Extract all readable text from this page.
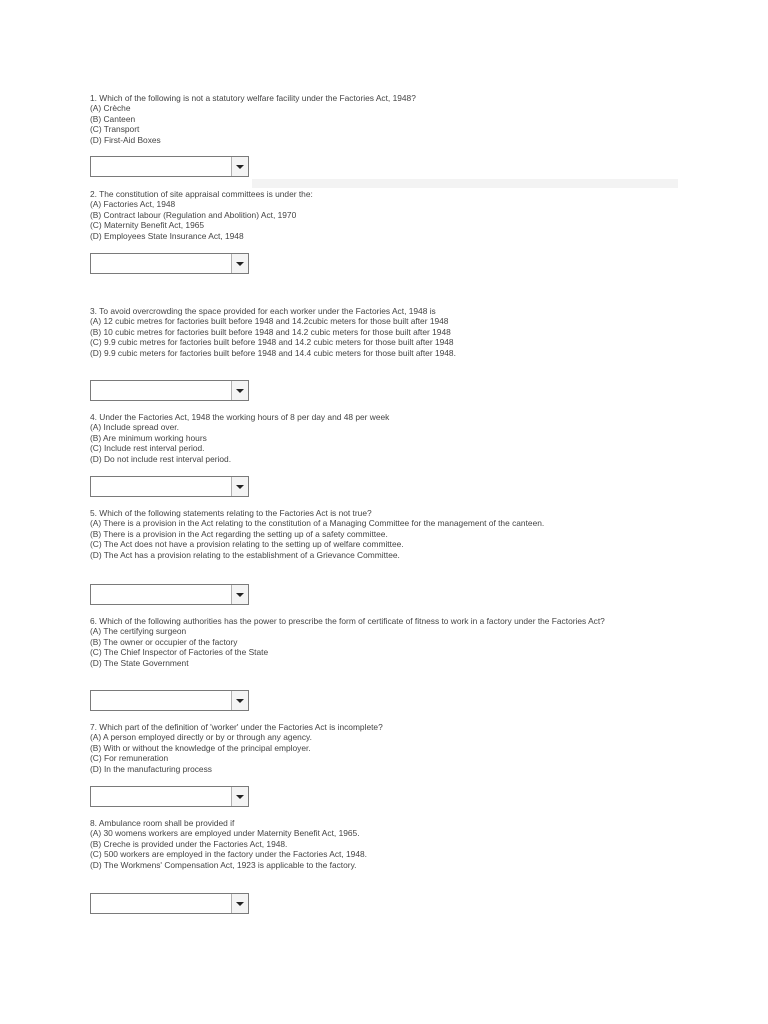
1. Which of the following is not a statutory welfare facility under the Factories Act, 1948?
(A) Crèche
(B) Canteen
(C) Transport
(D) First-Aid Boxes
2. The constitution of site appraisal committees is under the:
(A) Factories Act, 1948
(B) Contract labour (Regulation and Abolition) Act, 1970
(C) Maternity Benefit Act, 1965
(D) Employees State Insurance Act, 1948
3. To avoid overcrowding the space provided for each worker under the Factories Act, 1948 is
(A) 12 cubic metres for factories built before 1948 and 14.2cubic meters for those built after 1948
(B) 10 cubic metres for factories built before 1948 and 14.2 cubic meters for those built after 1948
(C) 9.9 cubic metres for factories built before 1948 and 14.2 cubic meters for those built after 1948
(D) 9.9 cubic meters for factories built before 1948 and 14.4 cubic meters for those built after 1948.
4. Under the Factories Act, 1948 the working hours of 8 per day and 48 per week
(A) Include spread over.
(B) Are minimum working hours
(C) Include rest interval period.
(D) Do not include rest interval period.
5. Which of the following statements relating to the Factories Act is not true?
(A) There is a provision in the Act relating to the constitution of a Managing Committee for the management of the canteen.
(B) There is a provision in the Act regarding the setting up of a safety committee.
(C) The Act does not have a provision relating to the setting up of welfare committee.
(D) The Act has a provision relating to the establishment of a Grievance Committee.
6. Which of the following authorities has the power to prescribe the form of certificate of fitness to work in a factory under the Factories Act?
(A) The certifying surgeon
(B) The owner or occupier of the factory
(C) The Chief Inspector of Factories of the State
(D) The State Government
7. Which part of the definition of 'worker' under the Factories Act is incomplete?
(A) A person employed directly or by or through any agency.
(B) With or without the knowledge of the principal employer.
(C) For remuneration
(D) In the manufacturing process
8. Ambulance room shall be provided if
(A) 30 womens workers are employed under Maternity Benefit Act, 1965.
(B) Creche is provided under the Factories Act, 1948.
(C) 500 workers are employed in the factory under the Factories Act, 1948.
(D) The Workmens' Compensation Act, 1923 is applicable to the factory.
